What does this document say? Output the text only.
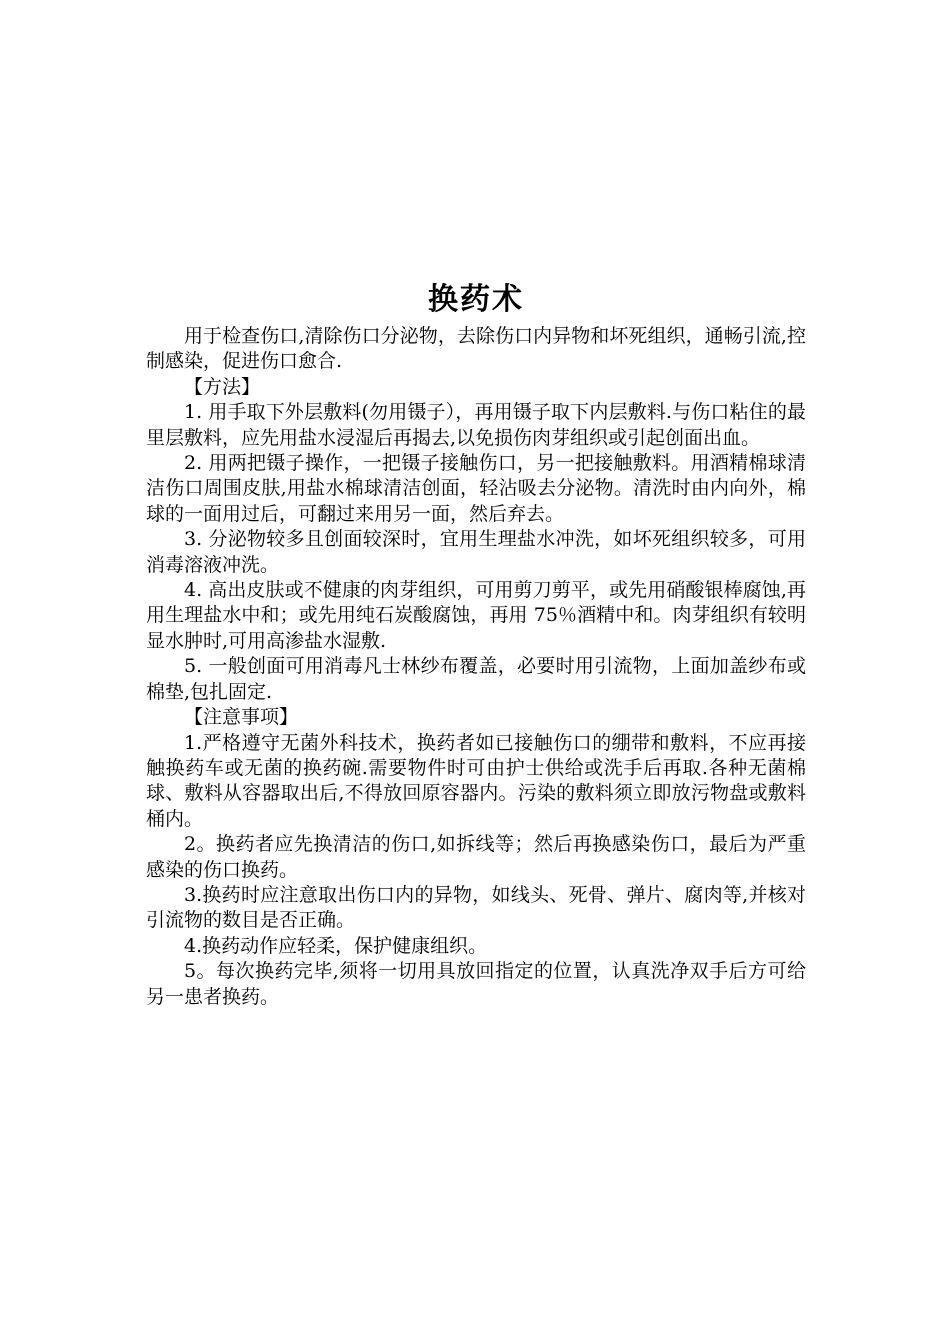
换药术

用于检查伤口,清除伤口分泌物，去除伤口内异物和坏死组织，通畅引流,控制感染，促进伤口愈合.

【方法】

1. 用手取下外层敷料(勿用镊子），再用镊子取下内层敷料.与伤口粘住的最里层敷料，应先用盐水浸湿后再揭去,以免损伤肉芽组织或引起创面出血。

2. 用两把镊子操作，一把镊子接触伤口，另一把接触敷料。用酒精棉球清洁伤口周围皮肤,用盐水棉球清洁创面，轻沾吸去分泌物。清洗时由内向外，棉球的一面用过后，可翻过来用另一面，然后弃去。

3. 分泌物较多且创面较深时，宜用生理盐水冲洗，如坏死组织较多，可用消毒溶液冲洗。

4. 高出皮肤或不健康的肉芽组织，可用剪刀剪平，或先用硝酸银棒腐蚀,再用生理盐水中和；或先用纯石炭酸腐蚀，再用 75％酒精中和。肉芽组织有较明显水肿时,可用高渗盐水湿敷.

5. 一般创面可用消毒凡士林纱布覆盖，必要时用引流物，上面加盖纱布或棉垫,包扎固定.

【注意事项】

1.严格遵守无菌外科技术，换药者如已接触伤口的绷带和敷料，不应再接触换药车或无菌的换药碗.需要物件时可由护士供给或洗手后再取.各种无菌棉球、敷料从容器取出后,不得放回原容器内。污染的敷料须立即放污物盘或敷料桶内。

2。换药者应先换清洁的伤口,如拆线等；然后再换感染伤口，最后为严重感染的伤口换药。

3.换药时应注意取出伤口内的异物，如线头、死骨、弹片、腐肉等,并核对引流物的数目是否正确。

4.换药动作应轻柔，保护健康组织。

5。每次换药完毕,须将一切用具放回指定的位置，认真洗净双手后方可给另一患者换药。
